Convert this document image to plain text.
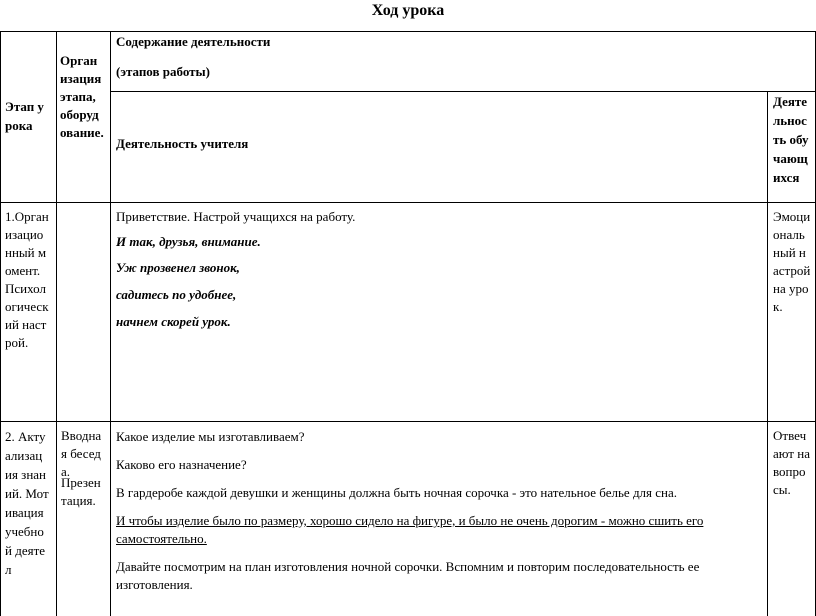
Ход урока
Этап урока
Организация этапа, оборудование.
Содержание деятельности
(этапов работы)
Деятельность учителя
Деятельность обучающихся
1.Организационный момент. Психологический настрой.

Приветствие. Настрой учащихся на работу.

И так, друзья, внимание.

Уж прозвенел звонок,

садитесь по удобнее,

начнем скорей урок.

Эмоциональный настрой на урок.
2. Актуализация знаний. Мотивация учебной деятел
Вводная беседа.
Презентация.

Какое изделие мы изготавливаем?

Каково его назначение?

В гардеробе каждой девушки и женщины должна быть ночная сорочка - это нательное белье для сна.

И чтобы изделие было по размеру, хорошо сидело на фигуре, и было не очень дорогим - можно сшить его самостоятельно.

Давайте посмотрим на план изготовления ночной сорочки. Вспомним и повторим последовательность ее изготовления.

Отвечают на вопросы.
